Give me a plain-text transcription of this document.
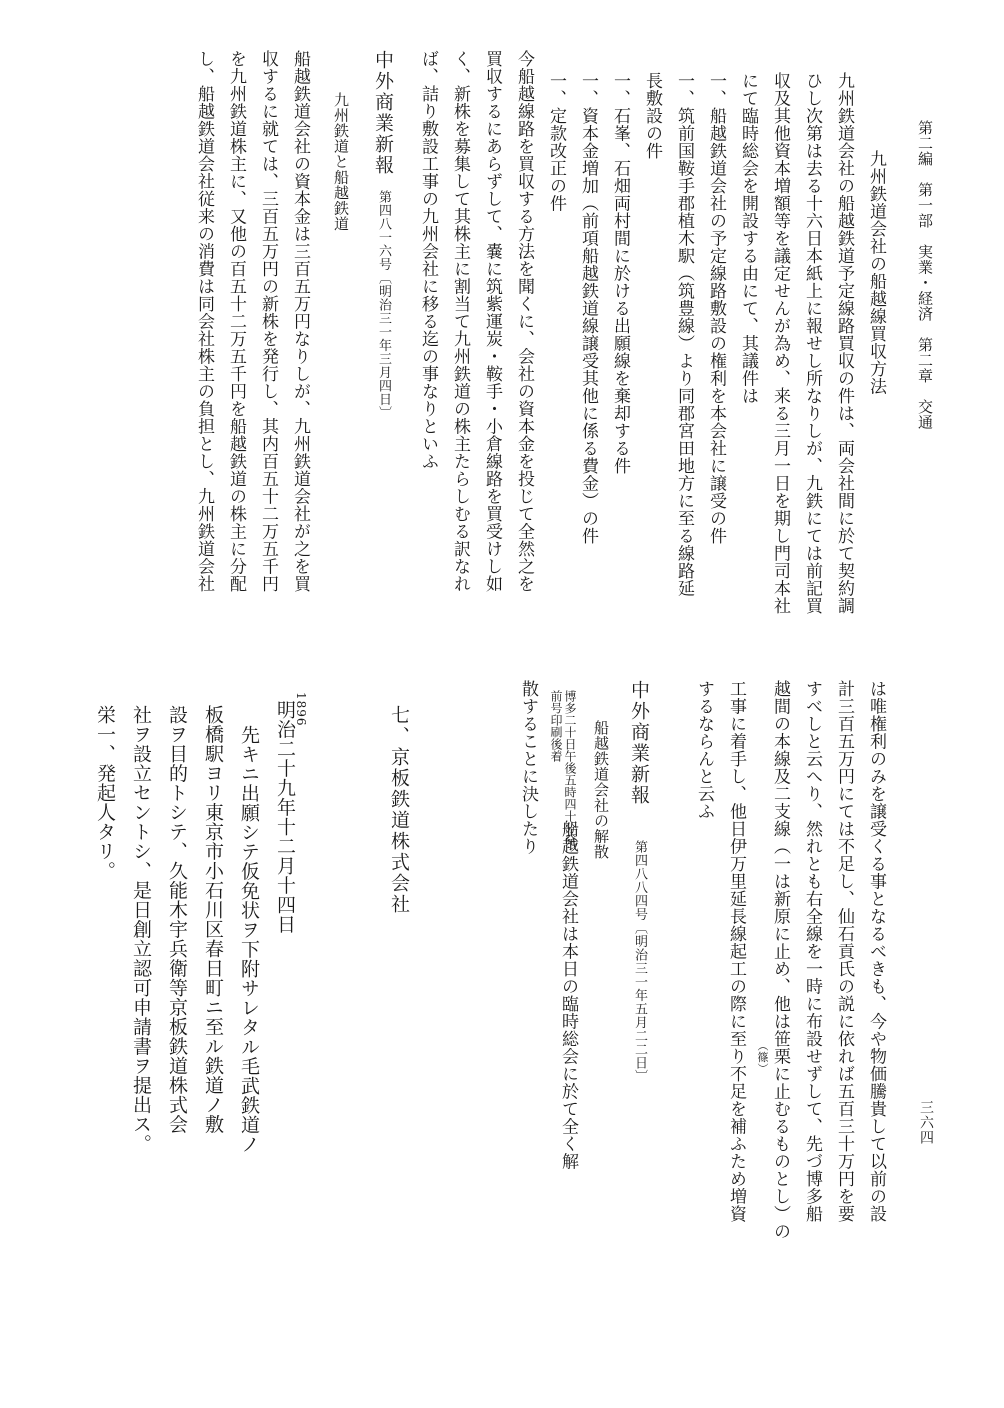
第二編　第一部　実業・経済　第二章　交通
三六四
九州鉄道会社の船越線買収方法
九州鉄道会社の船越鉄道予定線路買収の件は、両会社間に於て契約調
ひし次第は去る十六日本紙上に報せし所なりしが、九鉄にては前記買
収及其他資本増額等を議定せんが為め、来る三月一日を期し門司本社
にて臨時総会を開設する由にて、其議件は
一、船越鉄道会社の予定線路敷設の権利を本会社に譲受の件
一、筑前国鞍手郡植木駅（筑豊線）より同郡宮田地方に至る線路延
長敷設の件
一、石峯、石畑両村間に於ける出願線を棄却する件
一、資本金増加（前項船越鉄道線譲受其他に係る費金）の件
一、定款改正の件
今船越線路を買収する方法を聞くに、会社の資本金を投じて全然之を
買収するにあらずして、嚢に筑紫運炭・鞍手・小倉線路を買受けし如
く、新株を募集して其株主に割当て九州鉄道の株主たらしむる訳なれ
ば、詰り敷設工事の九州会社に移る迄の事なりといふ
中外商業新報
第四八一六号〔明治三一年三月四日〕
九州鉄道と船越鉄道
船越鉄道会社の資本金は三百五万円なりしが、九州鉄道会社が之を買
収するに就ては、三百五万円の新株を発行し、其内百五十二万五千円
を九州鉄道株主に、又他の百五十二万五千円を船越鉄道の株主に分配
し、船越鉄道会社従来の消費は同会社株主の負担とし、九州鉄道会社
は唯権利のみを譲受くる事となるべきも、今や物価騰貴して以前の設
計三百五万円にては不足し、仙石貢氏の説に依れば五百三十万円を要
すべしと云へり、然れとも右全線を一時に布設せずして、先づ博多船
越間の本線及二支線（一は新原に止め、他は笹栗に止むるものとし）の
（篠）
工事に着手し、他日伊万里延長線起工の際に至り不足を補ふため増資
するならんと云ふ
中外商業新報
第四八八四号〔明治三一年五月二二日〕
船越鉄道会社の解散
博多二十日午後五時四十分発
前号印刷後着
船越鉄道会社は本日の臨時総会に於て全く解
散することに決したり
七、京板鉄道株式会社
1896
明治二十九年十二月十四日
先キニ出願シテ仮免状ヲ下附サレタル毛武鉄道ノ
板橋駅ヨリ東京市小石川区春日町ニ至ル鉄道ノ敷
設ヲ目的トシテ、久能木宇兵衛等京板鉄道株式会
社ヲ設立セントシ、是日創立認可申請書ヲ提出ス。
栄一、発起人タリ。
